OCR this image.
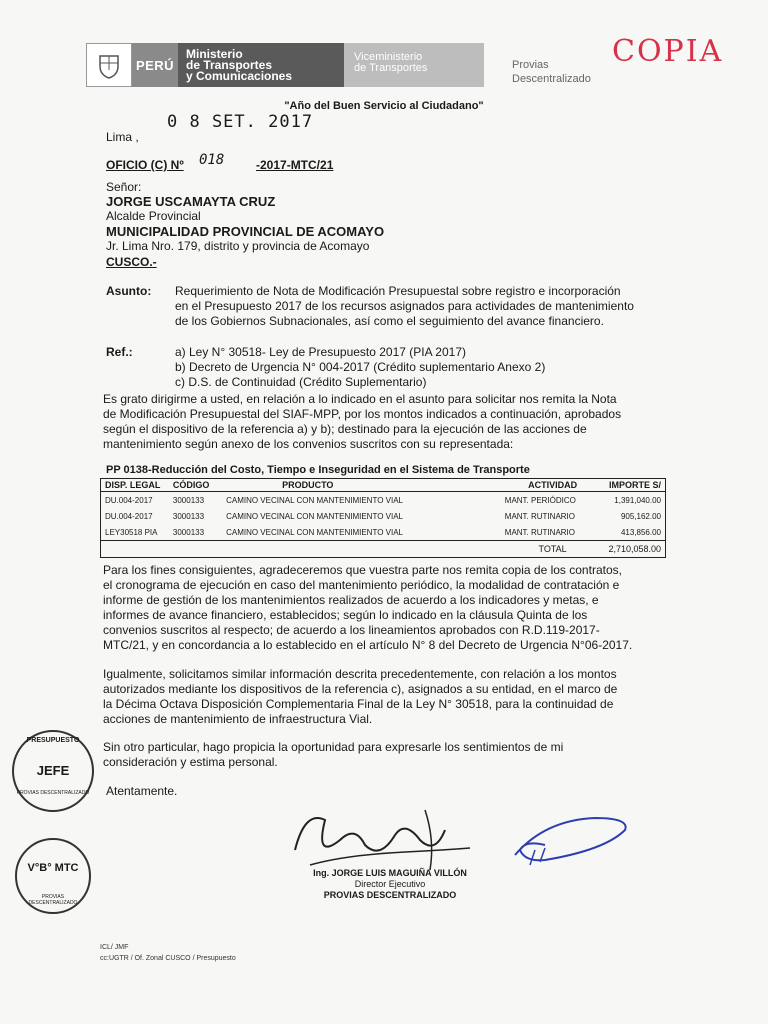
PERÚ
Ministerio
de Transportes
y Comunicaciones
Viceministerio
de Transportes	Provias
Descentralizado
COPIA
"Año del Buen Servicio al Ciudadano"
0 8 SET. 2017
Lima ,
OFICIO (C) Nº 018	-2017-MTC/21
Señor:
JORGE USCAMAYTA CRUZ
Alcalde Provincial
MUNICIPALIDAD PROVINCIAL DE ACOMAYO
Jr. Lima Nro. 179, distrito y provincia de Acomayo
CUSCO.-
Asunto: Requerimiento de Nota de Modificación Presupuestal sobre registro e incorporación
en el Presupuesto 2017 de los recursos asignados para actividades de mantenimiento
de los Gobiernos Subnacionales, así como el seguimiento del avance financiero.
Ref.:	a) Ley N° 30518- Ley de Presupuesto 2017 (PIA 2017)
b) Decreto de Urgencia N° 004-2017 (Crédito suplementario Anexo 2)
c) D.S. de Continuidad (Crédito Suplementario)
Es grato dirigirme a usted, en relación a lo indicado en el asunto para solicitar nos remita la Nota
de Modificación Presupuestal del SIAF-MPP, por los montos indicados a continuación, aprobados
según el dispositivo de la referencia a) y b); destinado para la ejecución de las acciones de
mantenimiento según anexo de los convenios suscritos con su representada:
PP 0138-Reducción del Costo, Tiempo e Inseguridad en el Sistema de Transporte
DISP. LEGAL	CÓDIGO	PRODUCTO	ACTIVIDAD	IMPORTE S/
DU.004-2017	3000133	CAMINO VECINAL CON MANTENIMIENTO VIAL	MANT. PERIÓDICO	1,391,040.00
DU.004-2017	3000133	CAMINO VECINAL CON MANTENIMIENTO VIAL	MANT. RUTINARIO	905,162.00
LEY30518 PIA	3000133	CAMINO VECINAL CON MANTENIMIENTO VIAL	MANT. RUTINARIO	413,856.00
			TOTAL	2,710,058.00
Para los fines consiguientes, agradeceremos que vuestra parte nos remita copia de los contratos,
el cronograma de ejecución en caso del mantenimiento periódico, la modalidad de contratación e
informe de gestión de los mantenimientos realizados de acuerdo a los indicadores y metas, e
informes de avance financiero, establecidos; según lo indicado en la cláusula Quinta de los
convenios suscritos al respecto; de acuerdo a los lineamientos aprobados con R.D.119-2017-
MTC/21, y en concordancia a lo establecido en el artículo N° 8 del Decreto de Urgencia N°06-2017.
Igualmente, solicitamos similar información descrita precedentemente, con relación a los montos
autorizados mediante los dispositivos de la referencia c), asignados a su entidad, en el marco de
la Décima Octava Disposición Complementaria Final de la Ley N° 30518, para la continuidad de
acciones de mantenimiento de infraestructura Vial.
Sin otro particular, hago propicia la oportunidad para expresarle los sentimientos de mi
consideración y estima personal.
Atentamente.
Ing. JORGE LUIS MAGUIÑA VILLÓN
Director Ejecutivo
PROVIAS DESCENTRALIZADO
PRESUPUESTO
JEFE
PROVIAS DESCENTRALIZADO
V°B° MTC
PROVIAS DESCENTRALIZADO
ICL/ JMF
cc:UGTR / Of. Zonal CUSCO / Presupuesto
